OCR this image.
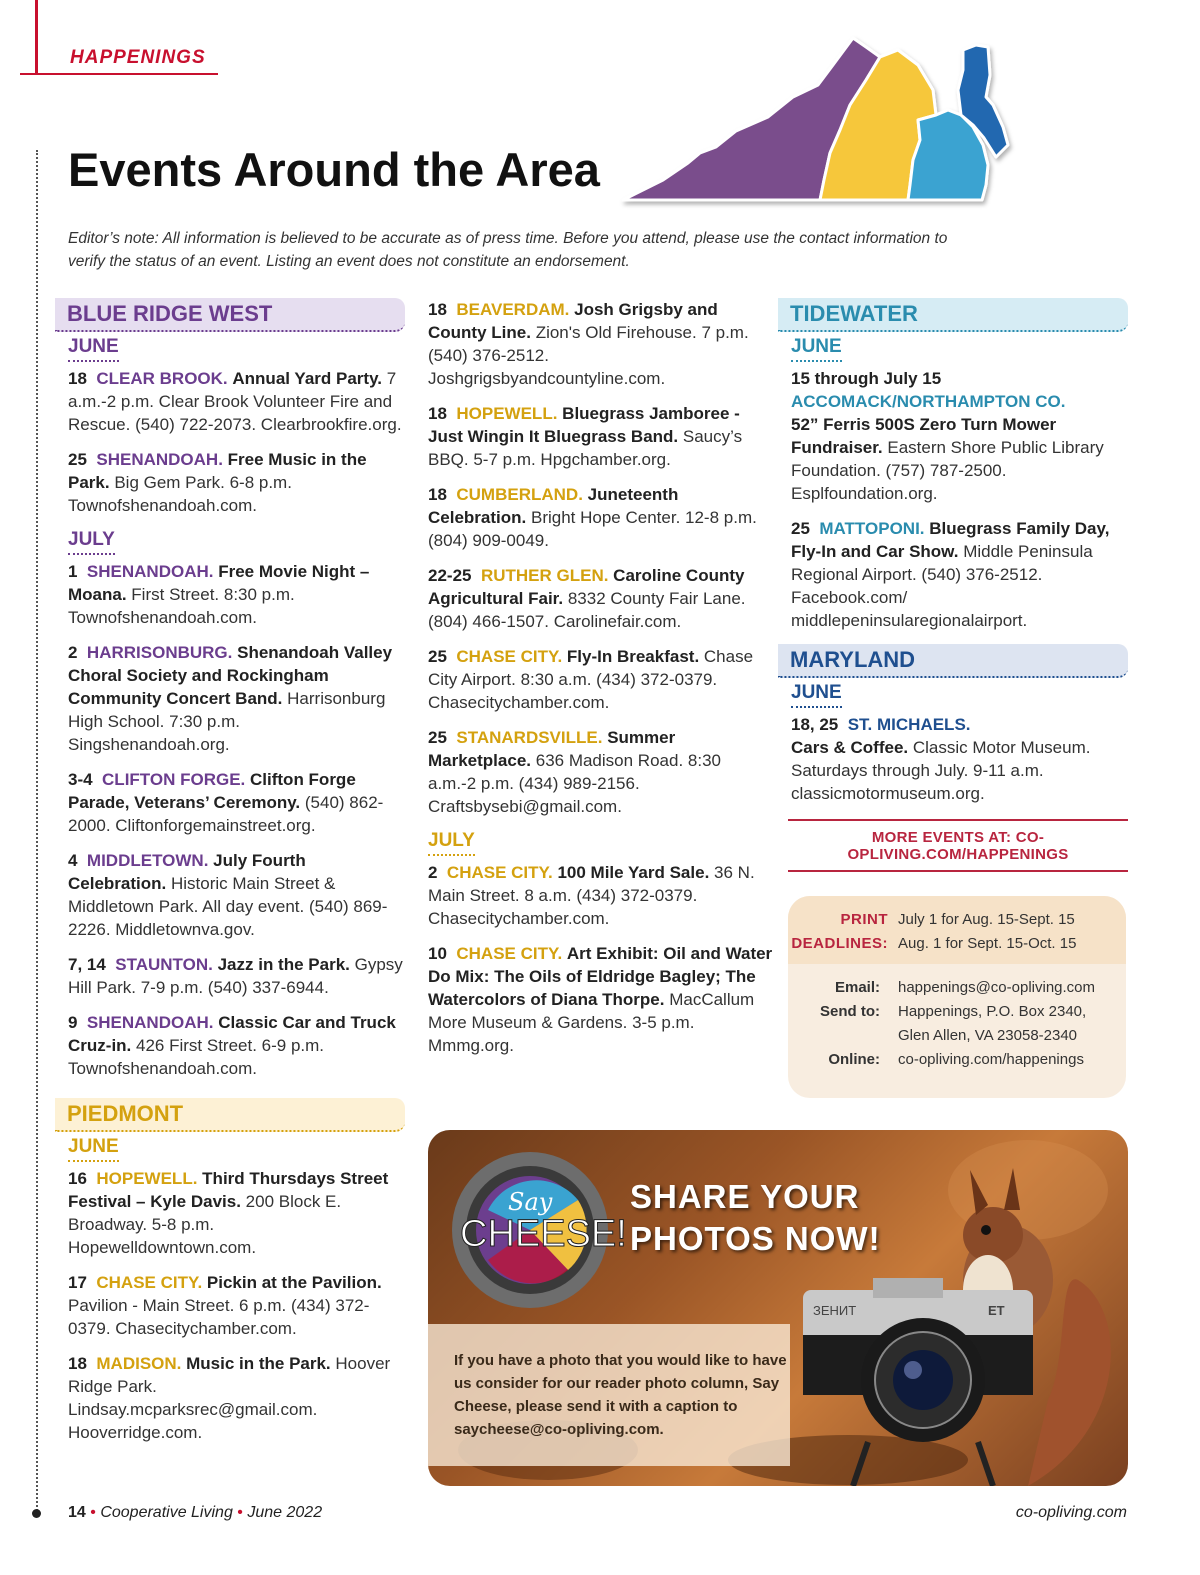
HAPPENINGS
Events Around the Area

Editor’s note: All information is believed to be accurate as of press time. Before you attend, please use the contact information to verify the status of an event. Listing an event does not constitute an endorsement.

BLUE RIDGE WEST
JUNE
18 CLEAR BROOK. Annual Yard Party. 7 a.m.-2 p.m. Clear Brook Volunteer Fire and Rescue. (540) 722-2073. Clearbrookfire.org.
25 SHENANDOAH. Free Music in the Park. Big Gem Park. 6-8 p.m. Townofshenandoah.com.
JULY
1 SHENANDOAH. Free Movie Night – Moana. First Street. 8:30 p.m. Townofshenandoah.com.
2 HARRISONBURG. Shenandoah Valley Choral Society and Rockingham Community Concert Band. Harrisonburg High School. 7:30 p.m. Singshenandoah.org.
3-4 CLIFTON FORGE. Clifton Forge Parade, Veterans’ Ceremony. (540) 862-2000. Cliftonforgemainstreet.org.
4 MIDDLETOWN. July Fourth Celebration. Historic Main Street & Middletown Park. All day event. (540) 869-2226. Middletownva.gov.
7, 14 STAUNTON. Jazz in the Park. Gypsy Hill Park. 7-9 p.m. (540) 337-6944.
9 SHENANDOAH. Classic Car and Truck Cruz-in. 426 First Street. 6-9 p.m. Townofshenandoah.com.
PIEDMONT
JUNE
16 HOPEWELL. Third Thursdays Street Festival – Kyle Davis. 200 Block E. Broadway. 5-8 p.m. Hopewelldowntown.com.
17 CHASE CITY. Pickin at the Pavilion. Pavilion - Main Street. 6 p.m. (434) 372-0379. Chasecitychamber.com.
18 MADISON. Music in the Park. Hoover Ridge Park. Lindsay.mcparksrec@gmail.com. Hooverridge.com.
18 BEAVERDAM. Josh Grigsby and County Line. Zion's Old Firehouse. 7 p.m. (540) 376-2512. Joshgrigsbyandcountyline.com.
18 HOPEWELL. Bluegrass Jamboree - Just Wingin It Bluegrass Band. Saucy’s BBQ. 5-7 p.m. Hpgchamber.org.
18 CUMBERLAND. Juneteenth Celebration. Bright Hope Center. 12-8 p.m. (804) 909-0049.
22-25 RUTHER GLEN. Caroline County Agricultural Fair. 8332 County Fair Lane. (804) 466-1507. Carolinefair.com.
25 CHASE CITY. Fly-In Breakfast. Chase City Airport. 8:30 a.m. (434) 372-0379. Chasecitychamber.com.
25 STANARDSVILLE. Summer Marketplace. 636 Madison Road. 8:30 a.m.-2 p.m. (434) 989-2156. Craftsbysebi@gmail.com.
JULY
2 CHASE CITY. 100 Mile Yard Sale. 36 N. Main Street. 8 a.m. (434) 372-0379. Chasecitychamber.com.
10 CHASE CITY. Art Exhibit: Oil and Water Do Mix: The Oils of Eldridge Bagley; The Watercolors of Diana Thorpe. MacCallum More Museum & Gardens. 3-5 p.m. Mmmg.org.
TIDEWATER
JUNE
15 through July 15
ACCOMACK/NORTHAMPTON CO.
52” Ferris 500S Zero Turn Mower Fundraiser. Eastern Shore Public Library Foundation. (757) 787-2500. Esplfoundation.org.
25 MATTOPONI. Bluegrass Family Day, Fly-In and Car Show. Middle Peninsula Regional Airport. (540) 376-2512. Facebook.com/ middlepeninsularegionalairport.
MARYLAND
JUNE
18, 25 ST. MICHAELS.
Cars & Coffee. Classic Motor Museum. Saturdays through July. 9-11 a.m. classicmotormuseum.org.
MORE EVENTS AT: CO-OPLIVING.COM/HAPPENINGS
PRINT July 1 for Aug. 15-Sept. 15
DEADLINES: Aug. 1 for Sept. 15-Oct. 15
Email:	happenings@co-opliving.com
Send to:	Happenings, P.O. Box 2340,
Glen Allen, VA 23058-2340
Online:	co-opliving.com/happenings
Say
CHEESE!
ЗЕНИТ	ET
SHARE YOUR
PHOTOS NOW!
If you have a photo that you would like to have us consider for our reader photo column, Say Cheese, please send it with a caption to saycheese@co-opliving.com.
14 • Cooperative Living • June 2022	co-opliving.com
